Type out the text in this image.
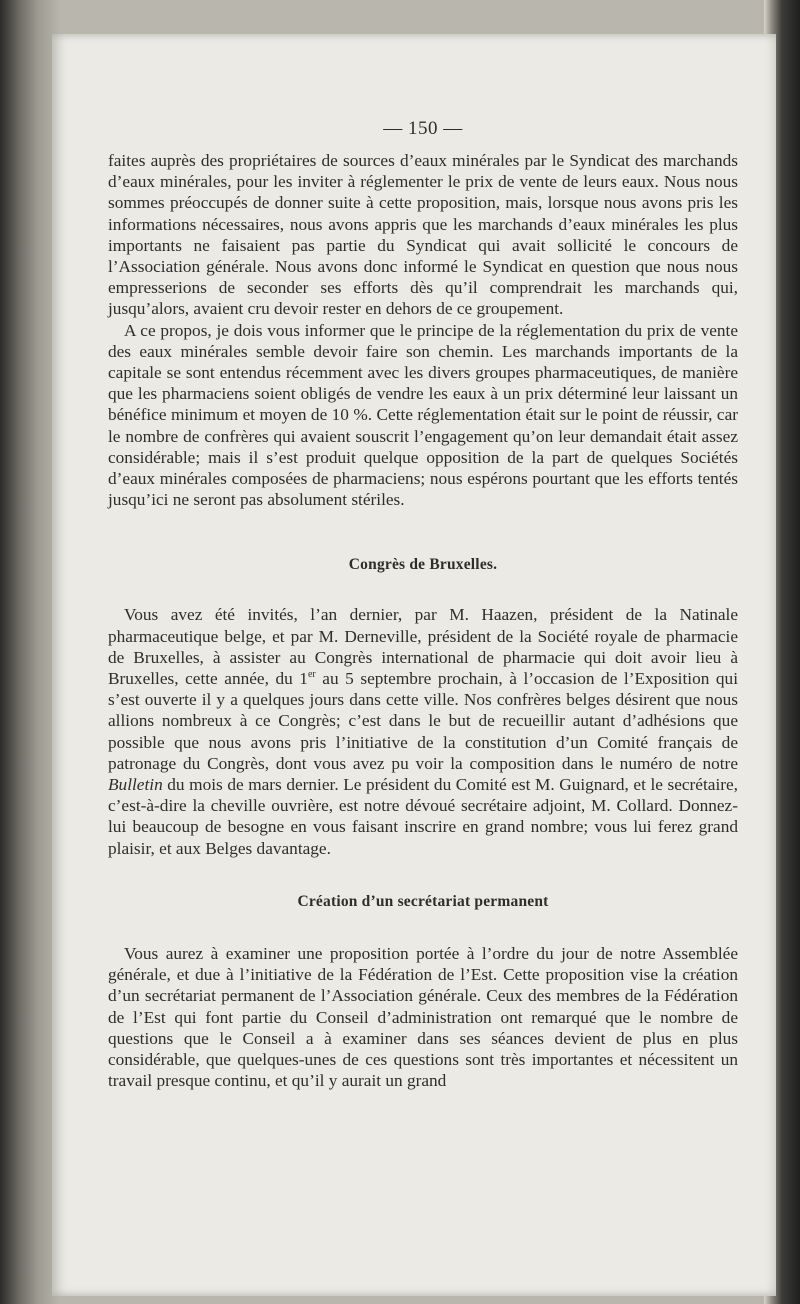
— 150 —

faites auprès des propriétaires de sources d’eaux minérales par le Syndicat des marchands d’eaux minérales, pour les inviter à réglementer le prix de vente de leurs eaux. Nous nous sommes préoccupés de donner suite à cette proposition, mais, lorsque nous avons pris les informations nécessaires, nous avons appris que les marchands d’eaux minérales les plus importants ne faisaient pas partie du Syndicat qui avait sollicité le concours de l’Association générale. Nous avons donc informé le Syndicat en question que nous nous empresserions de seconder ses efforts dès qu’il comprendrait les marchands qui, jusqu’alors, avaient cru devoir rester en dehors de ce groupement.

A ce propos, je dois vous informer que le principe de la réglementation du prix de vente des eaux minérales semble devoir faire son chemin. Les marchands importants de la capitale se sont entendus récemment avec les divers groupes pharmaceutiques, de manière que les pharmaciens soient obligés de vendre les eaux à un prix déterminé leur laissant un bénéfice minimum et moyen de 10 %. Cette réglementation était sur le point de réussir, car le nombre de confrères qui avaient souscrit l’engagement qu’on leur demandait était assez considérable; mais il s’est produit quelque opposition de la part de quelques Sociétés d’eaux minérales composées de pharmaciens; nous espérons pourtant que les efforts tentés jusqu’ici ne seront pas absolument stériles.

Congrès de Bruxelles.

Vous avez été invités, l’an dernier, par M. Haazen, président de la Natinale pharmaceutique belge, et par M. Derneville, président de la Société royale de pharmacie de Bruxelles, à assister au Congrès international de pharmacie qui doit avoir lieu à Bruxelles, cette année, du 1er au 5 septembre prochain, à l’occasion de l’Exposition qui s’est ouverte il y a quelques jours dans cette ville. Nos confrères belges désirent que nous allions nombreux à ce Congrès; c’est dans le but de recueillir autant d’adhésions que possible que nous avons pris l’initiative de la constitution d’un Comité français de patronage du Congrès, dont vous avez pu voir la composition dans le numéro de notre Bulletin du mois de mars dernier. Le président du Comité est M. Guignard, et le secrétaire, c’est-à-dire la cheville ouvrière, est notre dévoué secrétaire adjoint, M. Collard. Donnez-lui beaucoup de besogne en vous faisant inscrire en grand nombre; vous lui ferez grand plaisir, et aux Belges davantage.

Création d’un secrétariat permanent

Vous aurez à examiner une proposition portée à l’ordre du jour de notre Assemblée générale, et due à l’initiative de la Fédération de l’Est. Cette proposition vise la création d’un secrétariat permanent de l’Association générale. Ceux des membres de la Fédération de l’Est qui font partie du Conseil d’administration ont remarqué que le nombre de questions que le Conseil a à examiner dans ses séances devient de plus en plus considérable, que quelques-unes de ces questions sont très importantes et nécessitent un travail presque continu, et qu’il y aurait un grand
